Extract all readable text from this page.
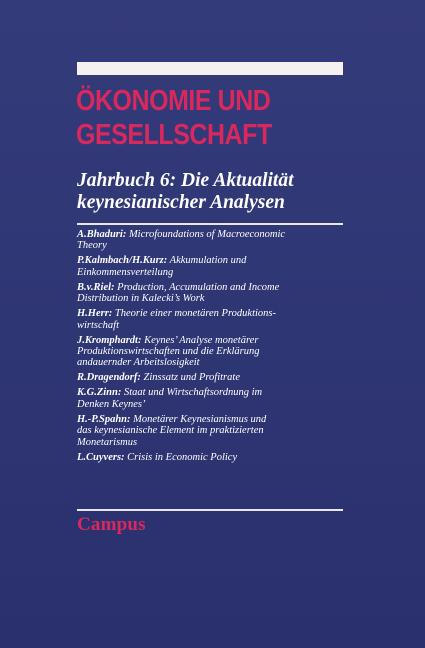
ÖKONOMIE UND
GESELLSCHAFT
Jahrbuch 6: Die Aktualität
keynesianischer Analysen
A.Bhaduri: Microfoundations of Macroeconomic
Theory
P.Kalmbach/H.Kurz: Akkumulation und
Einkommensverteilung
B.v.Riel: Production, Accumulation and Income
Distribution in Kalecki’s Work
H.Herr: Theorie einer monetären Produktions-
wirtschaft
J.Kromphardt: Keynes’ Analyse monetärer
Produktionswirtschaften und die Erklärung
andauernder Arbeitslosigkeit
R.Dragendorf: Zinssatz und Profitrate
K.G.Zinn: Staat und Wirtschaftsordnung im
Denken Keynes’
H.-P.Spahn: Monetärer Keynesianismus und
das keynesianische Element im praktizierten
Monetarismus
L.Cuyvers: Crisis in Economic Policy
Campus
